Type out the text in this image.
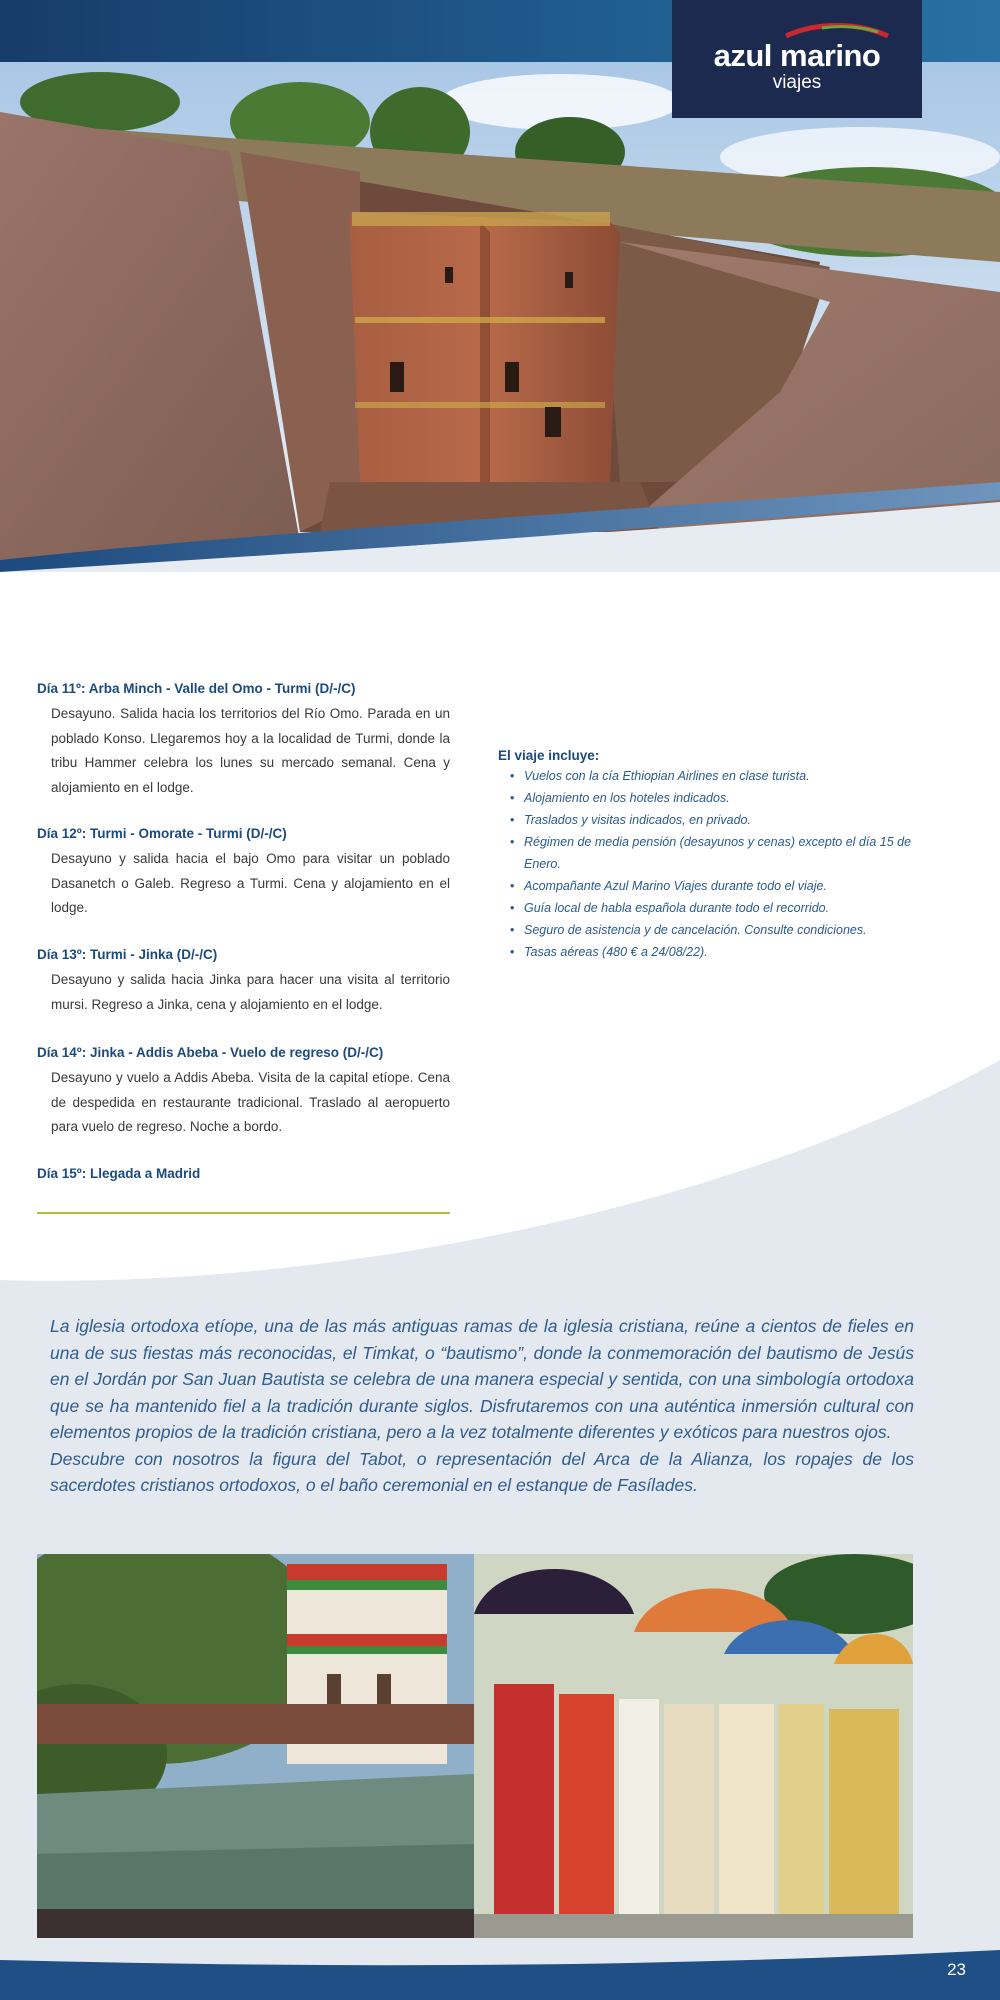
azul marino
viajes

Día 11º: Arba Minch - Valle del Omo - Turmi (D/-/C)

Desayuno. Salida hacia los territorios del Río Omo. Parada en un poblado Konso. Llegaremos hoy a la localidad de Turmi, donde la tribu Hammer celebra los lunes su mercado semanal. Cena y alojamiento en el lodge.

Día 12º: Turmi - Omorate - Turmi (D/-/C)

Desayuno y salida hacia el bajo Omo para visitar un poblado Dasanetch o Galeb. Regreso a Turmi. Cena y alojamiento en el lodge.

Día 13º: Turmi - Jinka (D/-/C)

Desayuno y salida hacia Jinka para hacer una visita al territorio mursi. Regreso a Jinka, cena y alojamiento en el lodge.

Día 14º: Jinka - Addis Abeba - Vuelo de regreso (D/-/C)

Desayuno y vuelo a Addis Abeba. Visita de la capital etíope. Cena de despedida en restaurante tradicional. Traslado al aeropuerto para vuelo de regreso. Noche a bordo.

Día 15º: Llegada a Madrid

El viaje incluye:

• Vuelos con la cía Ethiopian Airlines en clase turista.
• Alojamiento en los hoteles indicados.
• Traslados y visitas indicados, en privado.
• Régimen de media pensión (desayunos y cenas) excepto el día 15 de Enero.
• Acompañante Azul Marino Viajes durante todo el viaje.
• Guía local de habla española durante todo el recorrido.
• Seguro de asistencia y de cancelación. Consulte condiciones.
• Tasas aéreas (480 € a 24/08/22).

La iglesia ortodoxa etíope, una de las más antiguas ramas de la iglesia cristiana, reúne a cientos de fieles en una de sus fiestas más reconocidas, el Timkat, o “bautismo”, donde la conmemoración del bautismo de Jesús en el Jordán por San Juan Bautista se celebra de una manera especial y sentida, con una simbología ortodoxa que se ha mantenido fiel a la tradición durante siglos. Disfrutaremos con una auténtica inmersión cultural con elementos propios de la tradición cristiana, pero a la vez totalmente diferentes y exóticos para nuestros ojos.

Descubre con nosotros la figura del Tabot, o representación del Arca de la Alianza, los ropajes de los sacerdotes cristianos ortodoxos, o el baño ceremonial en el estanque de Fasílades.

23
